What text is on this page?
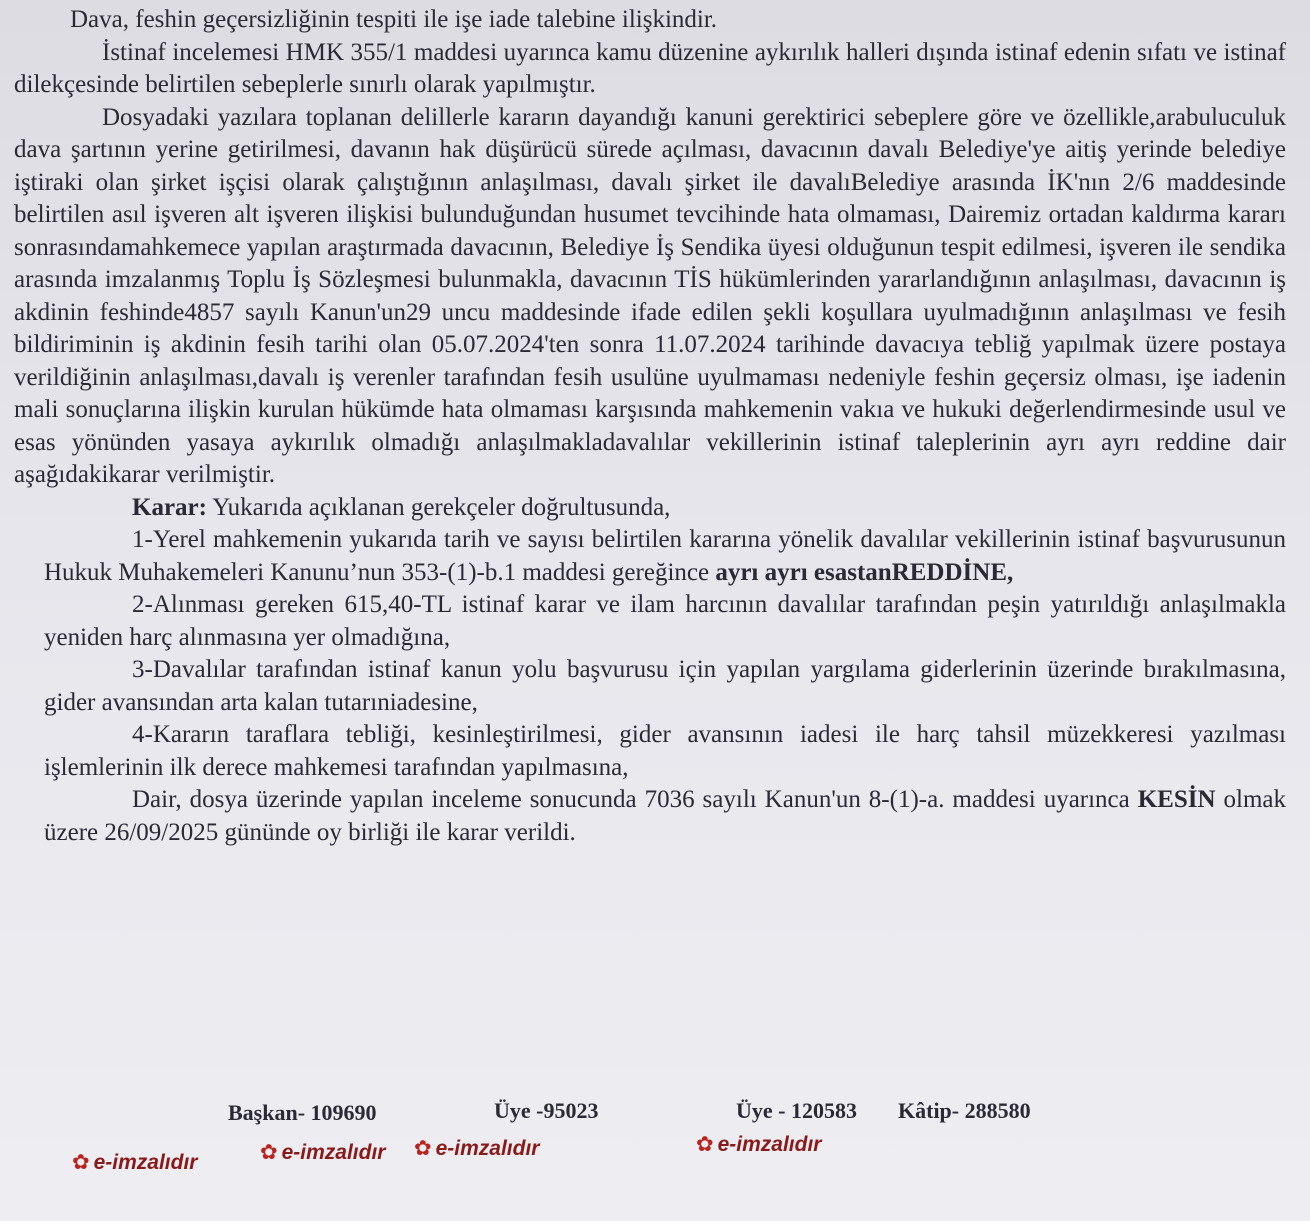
Dava, feshin geçersizliğinin tespiti ile işe iade talebine ilişkindir.

İstinaf incelemesi HMK 355/1 maddesi uyarınca kamu düzenine aykırılık halleri dışında istinaf edenin sıfatı ve istinaf dilekçesinde belirtilen sebeplerle sınırlı olarak yapılmıştır.

Dosyadaki yazılara toplanan delillerle kararın dayandığı kanuni gerektirici sebeplere göre ve özellikle,arabuluculuk dava şartının yerine getirilmesi, davanın hak düşürücü sürede açılması, davacının davalı Belediye'ye aitiş yerinde belediye iştiraki olan şirket işçisi olarak çalıştığının anlaşılması, davalı şirket ile davalıBelediye arasında İK'nın 2/6 maddesinde belirtilen asıl işveren alt işveren ilişkisi bulunduğundan husumet tevcihinde hata olmaması, Dairemiz ortadan kaldırma kararı sonrasındamahkemece yapılan araştırmada davacının, Belediye İş Sendika üyesi olduğunun tespit edilmesi, işveren ile sendika arasında imzalanmış Toplu İş Sözleşmesi bulunmakla, davacının TİS hükümlerinden yararlandığının anlaşılması, davacının iş akdinin feshinde4857 sayılı Kanun'un29 uncu maddesinde ifade edilen şekli koşullara uyulmadığının anlaşılması ve fesih bildiriminin iş akdinin fesih tarihi olan 05.07.2024'ten sonra 11.07.2024 tarihinde davacıya tebliğ yapılmak üzere postaya verildiğinin anlaşılması,davalı iş verenler tarafından fesih usulüne uyulmaması nedeniyle feshin geçersiz olması, işe iadenin mali sonuçlarına ilişkin kurulan hükümde hata olmaması karşısında mahkemenin vakıa ve hukuki değerlendirmesinde usul ve esas yönünden yasaya aykırılık olmadığı anlaşılmakladavalılar vekillerinin istinaf taleplerinin ayrı ayrı reddine dair aşağıdakikarar verilmiştir.

Karar: Yukarıda açıklanan gerekçeler doğrultusunda,

1-Yerel mahkemenin yukarıda tarih ve sayısı belirtilen kararına yönelik davalılar vekillerinin istinaf başvurusunun Hukuk Muhakemeleri Kanunu’nun 353-(1)-b.1 maddesi gereğince ayrı ayrı esastanREDDİNE,

2-Alınması gereken 615,40-TL istinaf karar ve ilam harcının davalılar tarafından peşin yatırıldığı anlaşılmakla yeniden harç alınmasına yer olmadığına,

3-Davalılar tarafından istinaf kanun yolu başvurusu için yapılan yargılama giderlerinin üzerinde bırakılmasına, gider avansından arta kalan tutarıniadesine,

4-Kararın taraflara tebliği, kesinleştirilmesi, gider avansının iadesi ile harç tahsil müzekkeresi yazılması işlemlerinin ilk derece mahkemesi tarafından yapılmasına,

Dair, dosya üzerinde yapılan inceleme sonucunda 7036 sayılı Kanun'un 8-(1)-a. maddesi uyarınca KESİN olmak üzere 26/09/2025 gününde oy birliği ile karar verildi.

Başkan- 109690	Üye -95023	Üye - 120583 Kâtip- 288580
✿ e-imzalıdır	✿ e-imzalıdır ✿ e-imzalıdır	✿ e-imzalıdır
